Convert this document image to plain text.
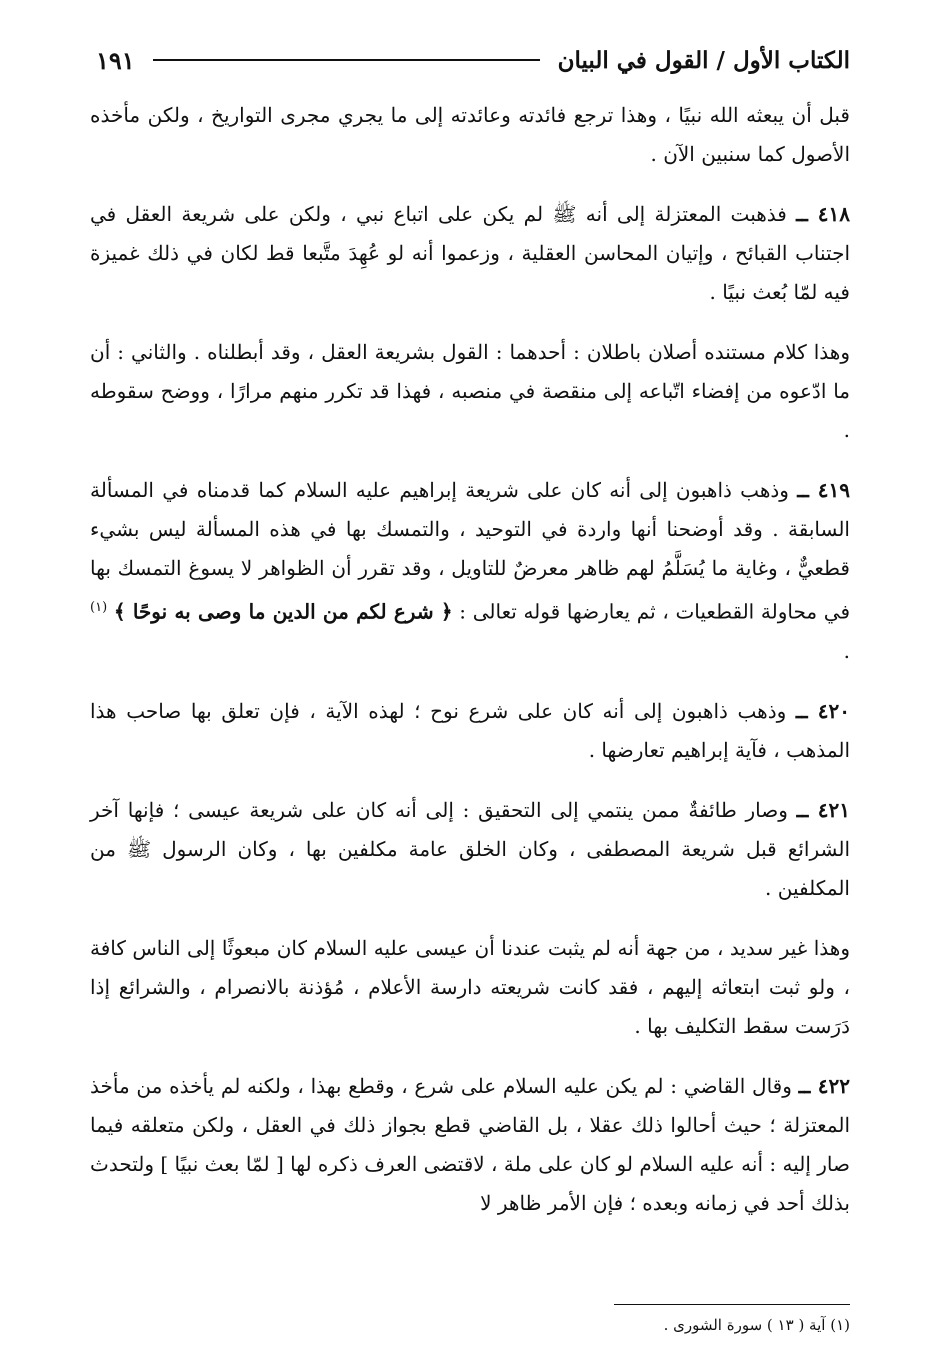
الكتاب الأول / القول في البيان
١٩١

قبل أن يبعثه الله نبيًا ، وهذا ترجع فائدته وعائدته إلى ما يجري مجرى التواريخ ، ولكن مأخذه الأصول كما سنبين الآن .

٤١٨ ــ فذهبت المعتزلة إلى أنه ﷺ لم يكن على اتباع نبي ، ولكن على شريعة العقل في اجتناب القبائح ، وإتيان المحاسن العقلية ، وزعموا أنه لو عُهِدَ متَّبعا قط لكان في ذلك غميزة فيه لمّا بُعث نبيًا .

وهذا كلام مستنده أصلان باطلان : أحدهما : القول بشريعة العقل ، وقد أبطلناه . والثاني : أن ما ادّعوه من إفضاء اتّباعه إلى منقصة في منصبه ، فهذا قد تكرر منهم مرارًا ، ووضح سقوطه .

٤١٩ ــ وذهب ذاهبون إلى أنه كان على شريعة إبراهيم عليه السلام كما قدمناه في المسألة السابقة . وقد أوضحنا أنها واردة في التوحيد ، والتمسك بها في هذه المسألة ليس بشيء قطعيٌّ ، وغاية ما يُسَلَّمُ لهم ظاهر معرضٌ للتاويل ، وقد تقرر أن الظواهر لا يسوغ التمسك بها في محاولة القطعيات ، ثم يعارضها قوله تعالى : ﴿ شرع لكم من الدين ما وصى به نوحًا ﴾ $^{(١)}$ .

٤٢٠ ــ وذهب ذاهبون إلى أنه كان على شرع نوح ؛ لهذه الآية ، فإن تعلق بها صاحب هذا المذهب ، فآية إبراهيم تعارضها .

٤٢١ ــ وصار طائفةٌ ممن ينتمي إلى التحقيق : إلى أنه كان على شريعة عيسى ؛ فإنها آخر الشرائع قبل شريعة المصطفى ، وكان الخلق عامة مكلفين بها ، وكان الرسول ﷺ من المكلفين .

وهذا غير سديد ، من جهة أنه لم يثبت عندنا أن عيسى عليه السلام كان مبعوثًا إلى الناس كافة ، ولو ثبت ابتعاثه إليهم ، فقد كانت شريعته دارسة الأعلام ، مُؤذنة بالانصرام ، والشرائع إذا دَرَست سقط التكليف بها .

٤٢٢ ــ وقال القاضي : لم يكن عليه السلام على شرع ، وقطع بهذا ، ولكنه لم يأخذه من مأخذ المعتزلة ؛ حيث أحالوا ذلك عقلا ، بل القاضي قطع بجواز ذلك في العقل ، ولكن متعلقه فيما صار إليه : أنه عليه السلام لو كان على ملة ، لاقتضى العرف ذكره لها [ لمّا بعث نبيًا ] ولتحدث بذلك أحد في زمانه وبعده ؛ فإن الأمر ظاهر لا

(١) آية ( ١٣ ) سورة الشورى .
